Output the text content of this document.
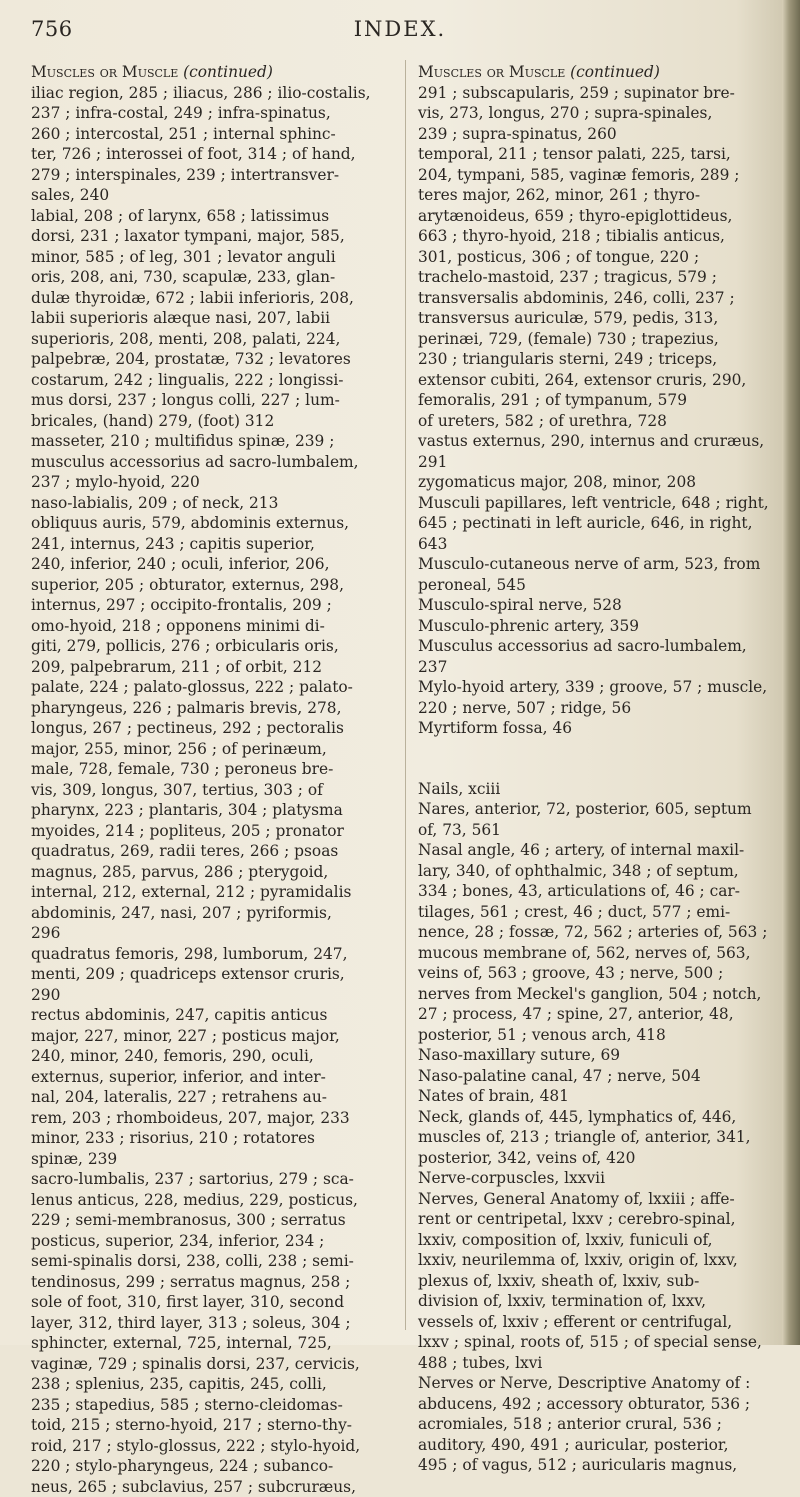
756	INDEX.
Muscles or Muscle (continued)
iliac region, 285 ; iliacus, 286 ; ilio-costalis,
237 ; infra-costal, 249 ; infra-spinatus,
260 ; intercostal, 251 ; internal sphinc-
ter, 726 ; interossei of foot, 314 ; of hand,
279 ; interspinales, 239 ; intertransver-
sales, 240
labial, 208 ; of larynx, 658 ; latissimus
dorsi, 231 ; laxator tympani, major, 585,
minor, 585 ; of leg, 301 ; levator anguli
oris, 208, ani, 730, scapulæ, 233, glan-
dulæ thyroidæ, 672 ; labii inferioris, 208,
labii superioris alæque nasi, 207, labii
superioris, 208, menti, 208, palati, 224,
palpebræ, 204, prostatæ, 732 ; levatores
costarum, 242 ; lingualis, 222 ; longissi-
mus dorsi, 237 ; longus colli, 227 ; lum-
bricales, (hand) 279, (foot) 312
masseter, 210 ; multifidus spinæ, 239 ;
musculus accessorius ad sacro-lumbalem,
237 ; mylo-hyoid, 220
naso-labialis, 209 ; of neck, 213
obliquus auris, 579, abdominis externus,
241, internus, 243 ; capitis superior,
240, inferior, 240 ; oculi, inferior, 206,
superior, 205 ; obturator, externus, 298,
internus, 297 ; occipito-frontalis, 209 ;
omo-hyoid, 218 ; opponens minimi di-
giti, 279, pollicis, 276 ; orbicularis oris,
209, palpebrarum, 211 ; of orbit, 212
palate, 224 ; palato-glossus, 222 ; palato-
pharyngeus, 226 ; palmaris brevis, 278,
longus, 267 ; pectineus, 292 ; pectoralis
major, 255, minor, 256 ; of perinæum,
male, 728, female, 730 ; peroneus bre-
vis, 309, longus, 307, tertius, 303 ; of
pharynx, 223 ; plantaris, 304 ; platysma
myoides, 214 ; popliteus, 205 ; pronator
quadratus, 269, radii teres, 266 ; psoas
magnus, 285, parvus, 286 ; pterygoid,
internal, 212, external, 212 ; pyramidalis
abdominis, 247, nasi, 207 ; pyriformis,
296
quadratus femoris, 298, lumborum, 247,
menti, 209 ; quadriceps extensor cruris,
290
rectus abdominis, 247, capitis anticus
major, 227, minor, 227 ; posticus major,
240, minor, 240, femoris, 290, oculi,
externus, superior, inferior, and inter-
nal, 204, lateralis, 227 ; retrahens au-
rem, 203 ; rhomboideus, 207, major, 233
minor, 233 ; risorius, 210 ; rotatores
spinæ, 239
sacro-lumbalis, 237 ; sartorius, 279 ; sca-
lenus anticus, 228, medius, 229, posticus,
229 ; semi-membranosus, 300 ; serratus
posticus, superior, 234, inferior, 234 ;
semi-spinalis dorsi, 238, colli, 238 ; semi-
tendinosus, 299 ; serratus magnus, 258 ;
sole of foot, 310, first layer, 310, second
layer, 312, third layer, 313 ; soleus, 304 ;
sphincter, external, 725, internal, 725,
vaginæ, 729 ; spinalis dorsi, 237, cervicis,
238 ; splenius, 235, capitis, 245, colli,
235 ; stapedius, 585 ; sterno-cleidomas-
toid, 215 ; sterno-hyoid, 217 ; sterno-thy-
roid, 217 ; stylo-glossus, 222 ; stylo-hyoid,
220 ; stylo-pharyngeus, 224 ; subanco-
neus, 265 ; subclavius, 257 ; subcruræus,
Muscles or Muscle (continued)
291 ; subscapularis, 259 ; supinator bre-
vis, 273, longus, 270 ; supra-spinales,
239 ; supra-spinatus, 260
temporal, 211 ; tensor palati, 225, tarsi,
204, tympani, 585, vaginæ femoris, 289 ;
teres major, 262, minor, 261 ; thyro-
arytænoideus, 659 ; thyro-epiglottideus,
663 ; thyro-hyoid, 218 ; tibialis anticus,
301, posticus, 306 ; of tongue, 220 ;
trachelo-mastoid, 237 ; tragicus, 579 ;
transversalis abdominis, 246, colli, 237 ;
transversus auriculæ, 579, pedis, 313,
perinæi, 729, (female) 730 ; trapezius,
230 ; triangularis sterni, 249 ; triceps,
extensor cubiti, 264, extensor cruris, 290,
femoralis, 291 ; of tympanum, 579
of ureters, 582 ; of urethra, 728
vastus externus, 290, internus and cruræus,
291
zygomaticus major, 208, minor, 208
Musculi papillares, left ventricle, 648 ; right,
645 ; pectinati in left auricle, 646, in right,
643
Musculo-cutaneous nerve of arm, 523, from
peroneal, 545
Musculo-spiral nerve, 528
Musculo-phrenic artery, 359
Musculus accessorius ad sacro-lumbalem,
237
Mylo-hyoid artery, 339 ; groove, 57 ; muscle,
220 ; nerve, 507 ; ridge, 56
Myrtiform fossa, 46
Nails, xciii
Nares, anterior, 72, posterior, 605, septum
of, 73, 561
Nasal angle, 46 ; artery, of internal maxil-
lary, 340, of ophthalmic, 348 ; of septum,
334 ; bones, 43, articulations of, 46 ; car-
tilages, 561 ; crest, 46 ; duct, 577 ; emi-
nence, 28 ; fossæ, 72, 562 ; arteries of, 563 ;
mucous membrane of, 562, nerves of, 563,
veins of, 563 ; groove, 43 ; nerve, 500 ;
nerves from Meckel's ganglion, 504 ; notch,
27 ; process, 47 ; spine, 27, anterior, 48,
posterior, 51 ; venous arch, 418
Naso-maxillary suture, 69
Naso-palatine canal, 47 ; nerve, 504
Nates of brain, 481
Neck, glands of, 445, lymphatics of, 446,
muscles of, 213 ; triangle of, anterior, 341,
posterior, 342, veins of, 420
Nerve-corpuscles, lxxvii
Nerves, General Anatomy of, lxxiii ; affe-
rent or centripetal, lxxv ; cerebro-spinal,
lxxiv, composition of, lxxiv, funiculi of,
lxxiv, neurilemma of, lxxiv, origin of, lxxv,
plexus of, lxxiv, sheath of, lxxiv, sub-
division of, lxxiv, termination of, lxxv,
vessels of, lxxiv ; efferent or centrifugal,
lxxv ; spinal, roots of, 515 ; of special sense,
488 ; tubes, lxvi
Nerves or Nerve, Descriptive Anatomy of :
abducens, 492 ; accessory obturator, 536 ;
acromiales, 518 ; anterior crural, 536 ;
auditory, 490, 491 ; auricular, posterior,
495 ; of vagus, 512 ; auricularis magnus,
